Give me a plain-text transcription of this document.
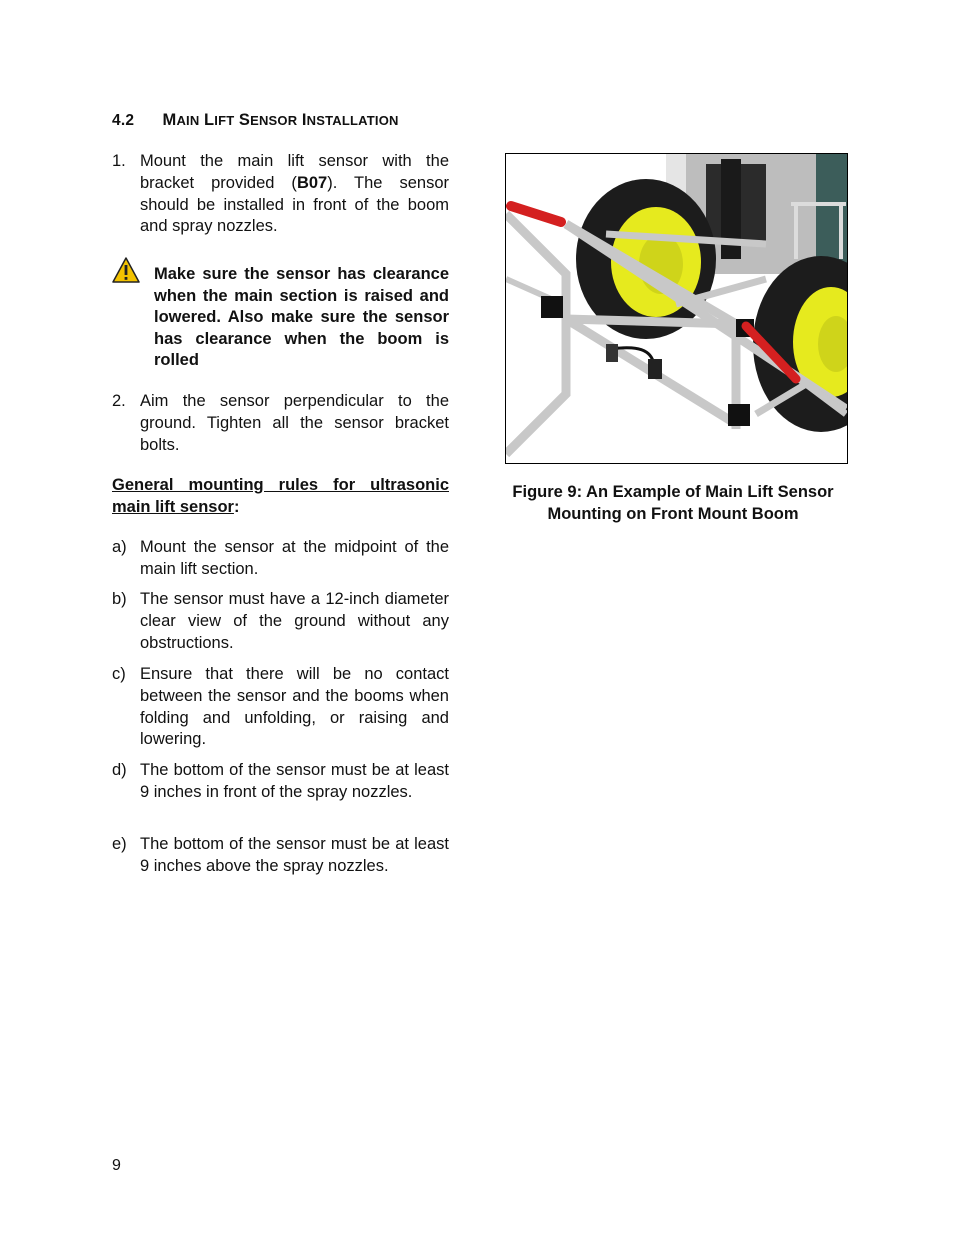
4.2 MAIN LIFT SENSOR INSTALLATION
1. Mount the main lift sensor with the bracket provided (B07). The sensor should be installed in front of the boom and spray nozzles.
Make sure the sensor has clearance when the main section is raised and lowered. Also make sure the sensor has clearance when the boom is rolled
2. Aim the sensor perpendicular to the ground. Tighten all the sensor bracket bolts.
General mounting rules for ultrasonic main lift sensor:
a) Mount the sensor at the midpoint of the main lift section.
b) The sensor must have a 12-inch diameter clear view of the ground without any obstructions.
c) Ensure that there will be no contact between the sensor and the booms when folding and unfolding, or raising and lowering.
d) The bottom of the sensor must be at least 9 inches in front of the spray nozzles.
e) The bottom of the sensor must be at least 9 inches above the spray nozzles.
Figure 9: An Example of Main Lift Sensor Mounting on Front Mount Boom
9
